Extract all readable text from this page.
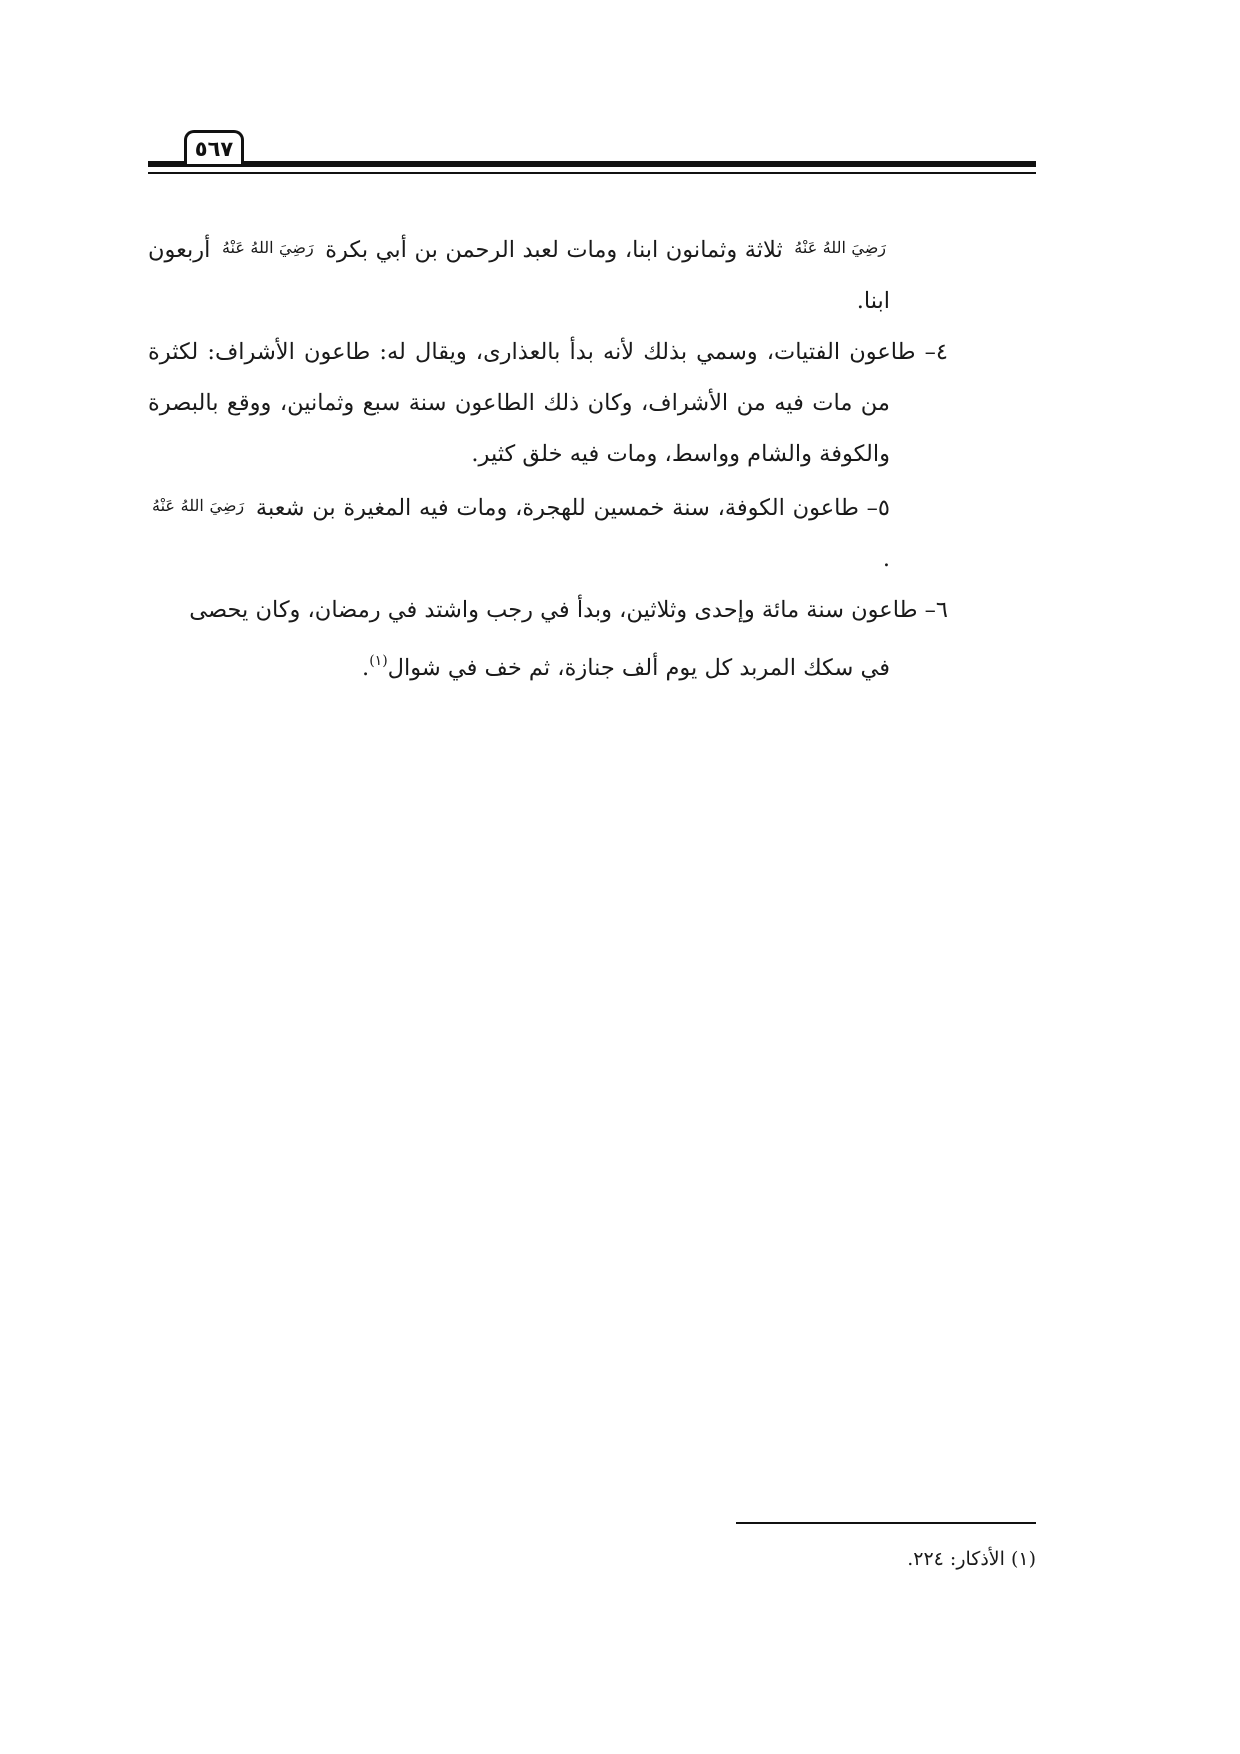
٥٦٧

رَضِيَ اللهُ عَنْهُ ثلاثة وثمانون ابنا، ومات لعبد الرحمن بن أبي بكرة رَضِيَ اللهُ عَنْهُ أربعون ابنا.

٤– طاعون الفتيات، وسمي بذلك لأنه بدأ بالعذارى، ويقال له: طاعون الأشراف: لكثرة من مات فيه من الأشراف، وكان ذلك الطاعون سنة سبع وثمانين، ووقع بالبصرة والكوفة والشام وواسط، ومات فيه خلق كثير.

٥– طاعون الكوفة، سنة خمسين للهجرة، ومات فيه المغيرة بن شعبة رَضِيَ اللهُ عَنْهُ .

٦– طاعون سنة مائة وإحدى وثلاثين، وبدأ في رجب واشتد في رمضان، وكان يحصى

في سكك المربد كل يوم ألف جنازة، ثم خف في شوال$^{(١)}$.

(١) الأذكار: ٢٢٤.
